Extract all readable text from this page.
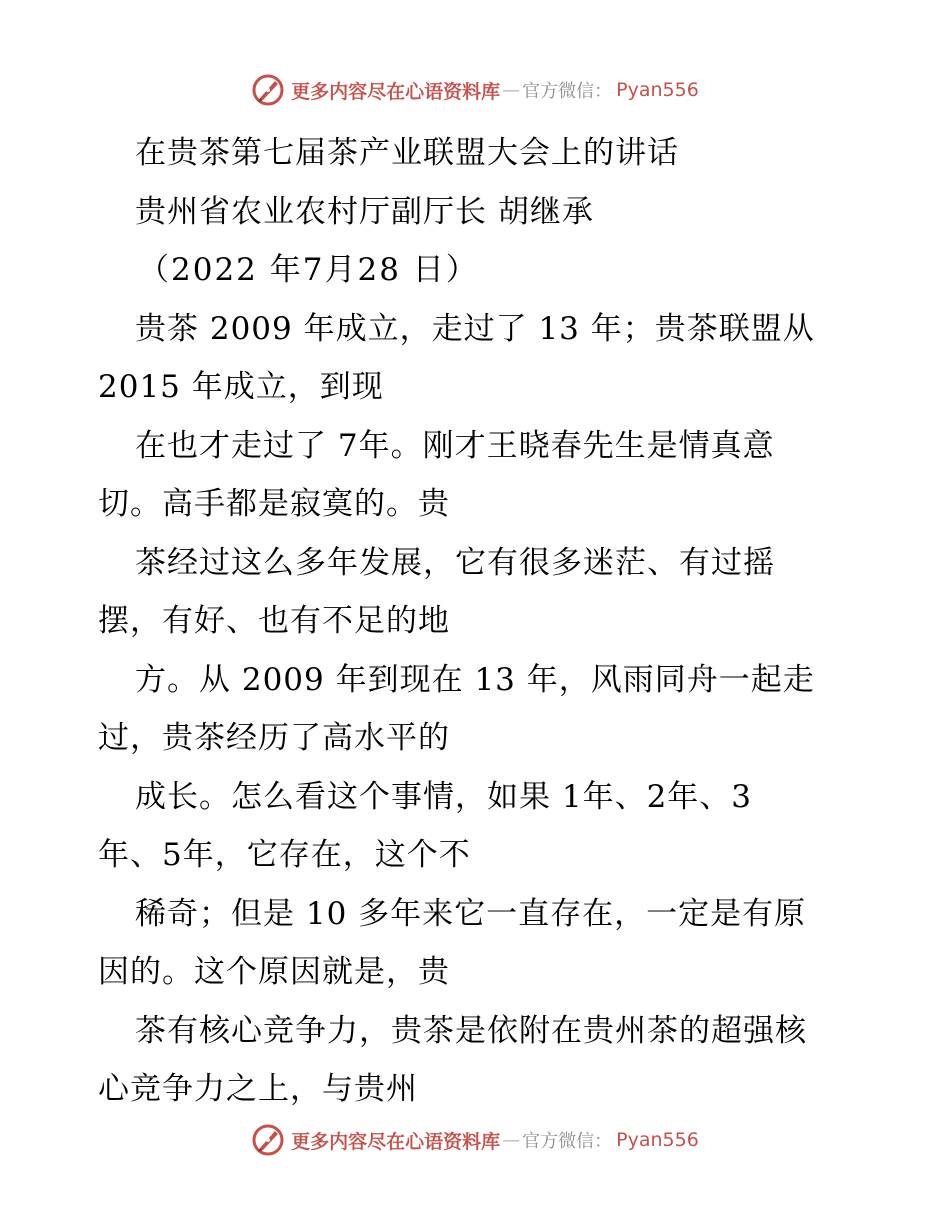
更多内容尽在心语资料库 — 官方微信： Pyan556
在贵茶第七届茶产业联盟大会上的讲话
贵州省农业农村厅副厅长 胡继承
（2022 年7月28 日）
贵茶 2009 年成立，走过了 13 年；贵茶联盟从
2015 年成立，到现
在也才走过了 7年。刚才王晓春先生是情真意
切。高手都是寂寞的。贵
茶经过这么多年发展，它有很多迷茫、有过摇
摆，有好、也有不足的地
方。从 2009 年到现在 13 年，风雨同舟一起走
过，贵茶经历了高水平的
成长。怎么看这个事情，如果 1年、2年、3
年、5年，它存在，这个不
稀奇；但是 10 多年来它一直存在，一定是有原
因的。这个原因就是，贵
茶有核心竞争力，贵茶是依附在贵州茶的超强核
心竞争力之上，与贵州
更多内容尽在心语资料库 — 官方微信： Pyan556
